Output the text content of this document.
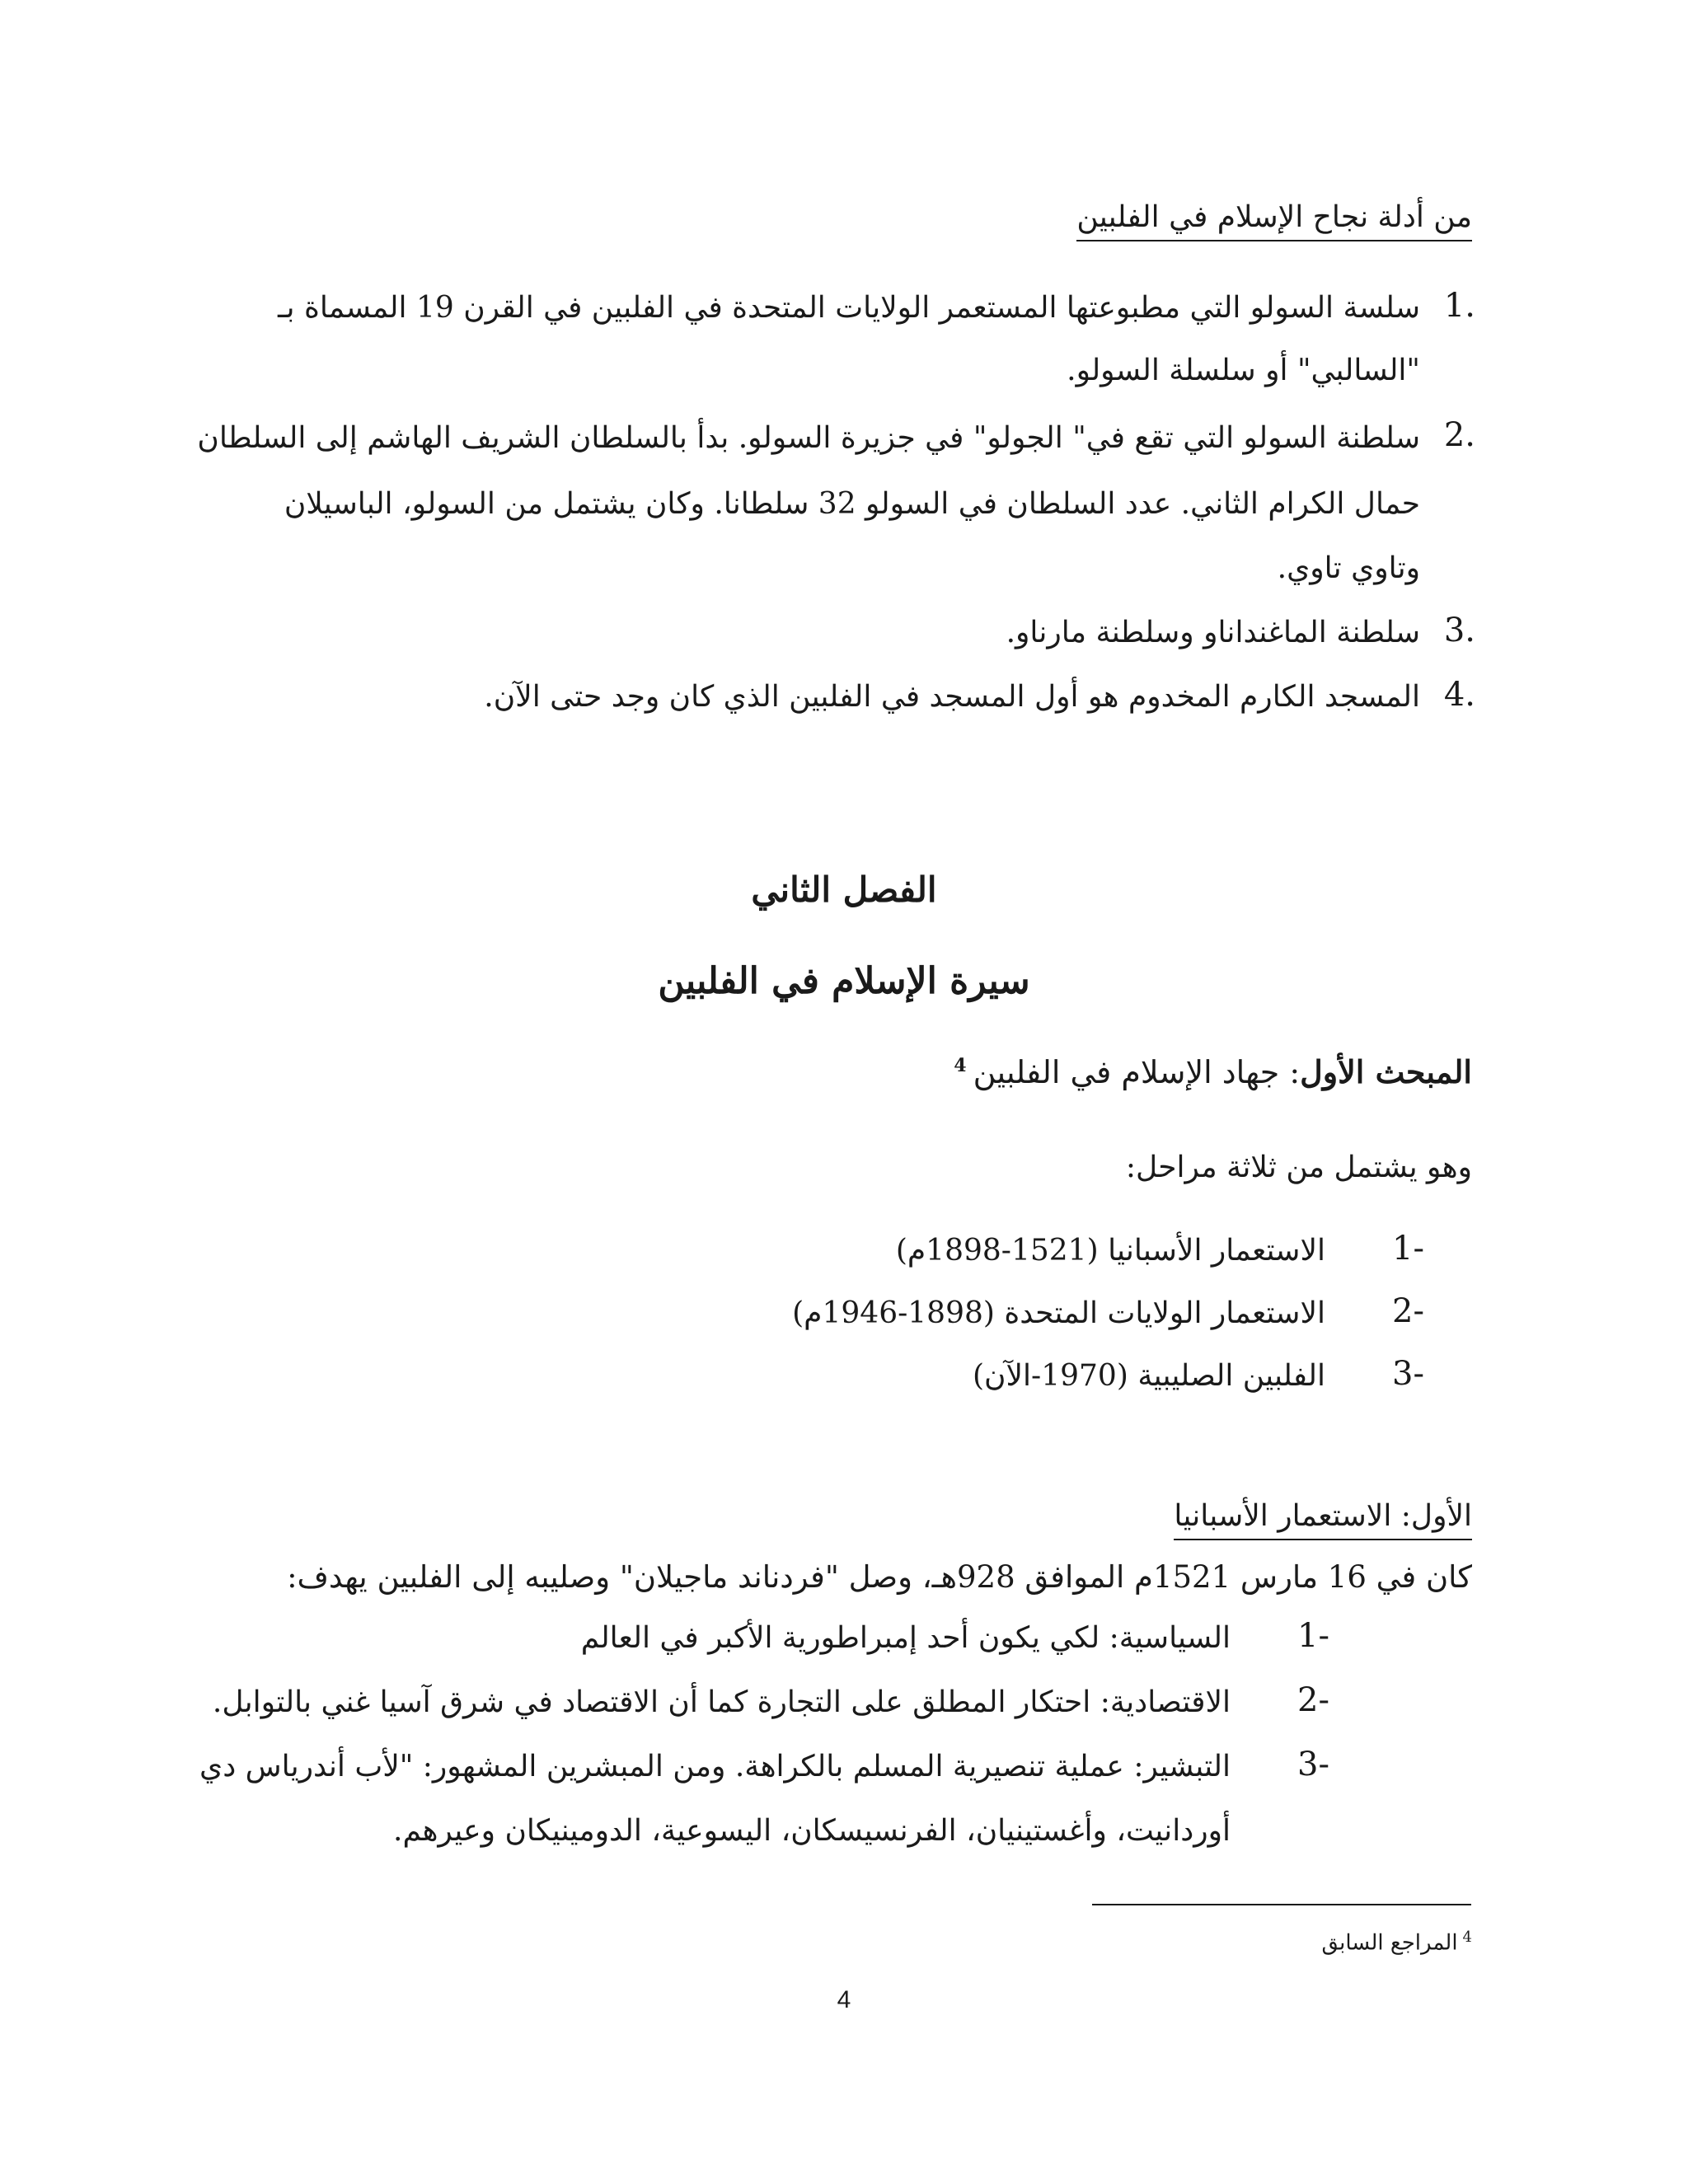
من أدلة نجاح الإسلام في الفلبين
1.
سلسة السولو التي مطبوعتها المستعمر الولايات المتحدة في الفلبين في القرن 19 المسماة بـ
"السالبي" أو سلسلة السولو.
2.
سلطنة السولو التي تقع في" الجولو" في جزيرة السولو. بدأ بالسلطان الشريف الهاشم إلى السلطان
حمال الكرام الثاني. عدد السلطان في السولو 32 سلطانا. وكان يشتمل من السولو، الباسيلان
وتاوي تاوي.
3.
سلطنة الماغنداناو وسلطنة مارناو.
4.
المسجد الكارم المخدوم هو أول المسجد في الفلبين الذي كان وجد حتى الآن.
الفصل الثاني
سيرة الإسلام في الفلبين
المبحث الأول: جهاد الإسلام في الفلبين$^4$
وهو يشتمل من ثلاثة مراحل:
1-
الاستعمار الأسبانيا (1521-1898م)
2-
الاستعمار الولايات المتحدة (1898-1946م)
3-
الفلبين الصليبية (1970-الآن)
الأول: الاستعمار الأسبانيا
كان في 16 مارس 1521م الموافق 928هـ، وصل "فردناند ماجيلان" وصليبه إلى الفلبين يهدف:
1-
السياسية: لكي يكون أحد إمبراطورية الأكبر في العالم
2-
الاقتصادية: احتكار المطلق على التجارة كما أن الاقتصاد في شرق آسيا غني بالتوابل.
3-
التبشير: عملية تنصيرية المسلم بالكراهة. ومن المبشرين المشهور: "لأب أندرياس دي
أوردانيت، وأغستينيان، الفرنسيسكان، اليسوعية، الدومينيكان وعيرهم.
$^4$المراجع السابق
4
